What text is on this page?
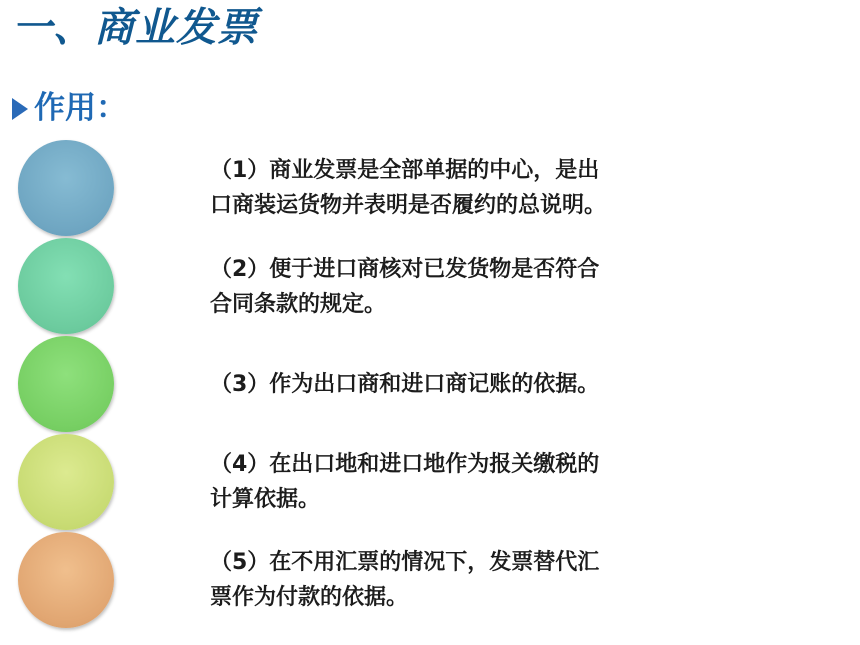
一、商业发票
作用：
（1）商业发票是全部单据的中心，是出
口商装运货物并表明是否履约的总说明。
（2）便于进口商核对已发货物是否符合
合同条款的规定。
（3）作为出口商和进口商记账的依据。
（4）在出口地和进口地作为报关缴税的
计算依据。
（5）在不用汇票的情况下，发票替代汇
票作为付款的依据。
